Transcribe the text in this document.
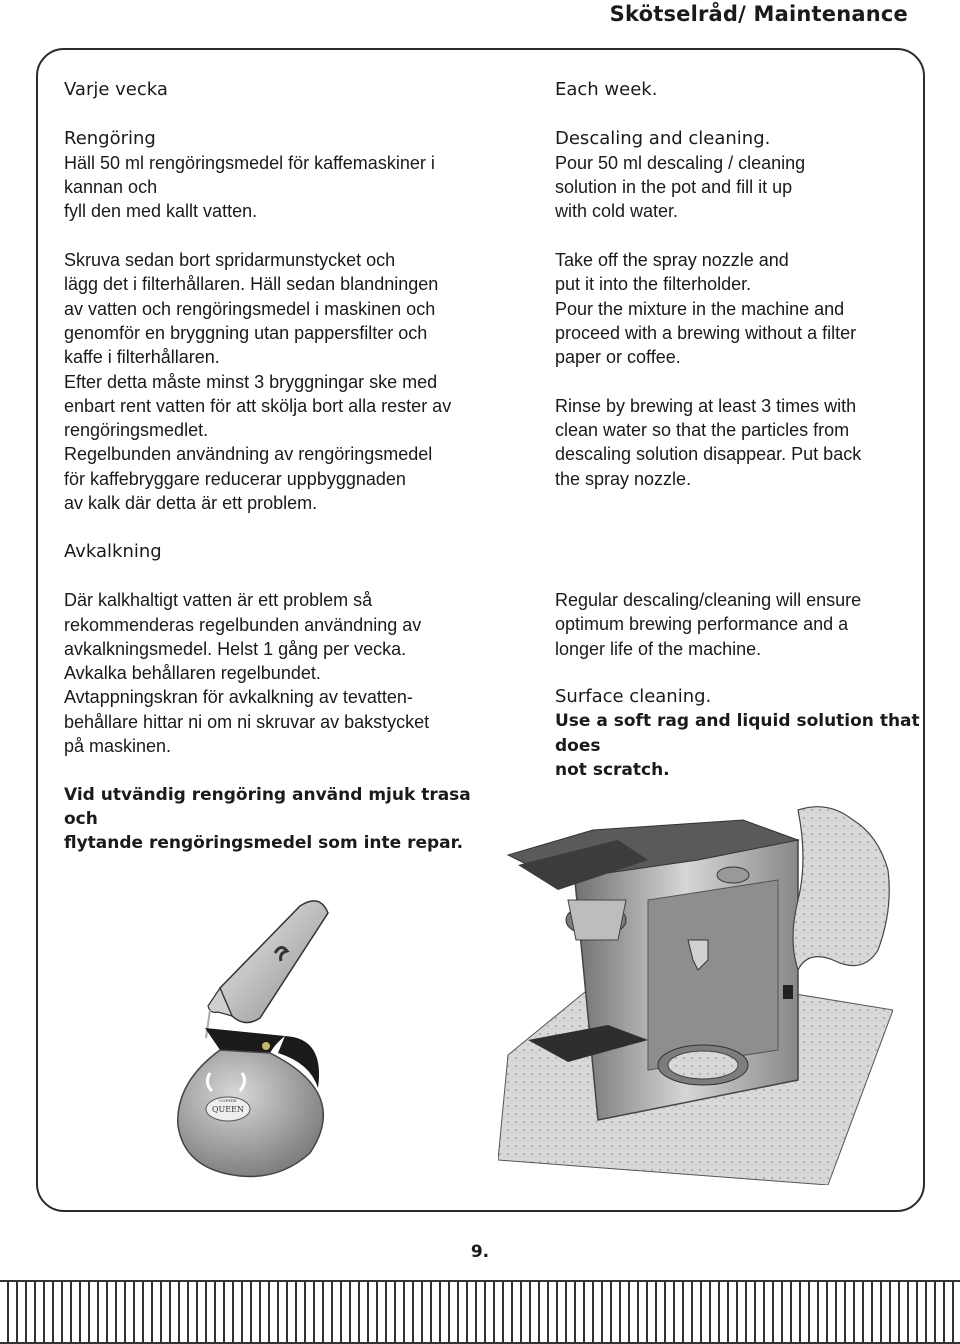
Skötselråd/ Maintenance

Varje vecka

Rengöring

Häll 50 ml rengöringsmedel för kaffemaskiner i

kannan och

fyll den med kallt vatten.

Skruva sedan bort spridarmunstycket och

lägg det i filterhållaren. Häll sedan blandningen

av vatten och rengöringsmedel i maskinen och

genomför en bryggning utan pappersfilter och

kaffe i filterhållaren.

Efter detta måste minst 3 bryggningar ske med

enbart rent vatten för att skölja bort alla rester av

rengöringsmedlet.

Regelbunden användning av rengöringsmedel

för kaffebryggare reducerar uppbyggnaden

av kalk där detta är ett problem.

Avkalkning

Där kalkhaltigt vatten är ett problem så

rekommenderas regelbunden användning av

avkalkningsmedel. Helst 1 gång per vecka.

Avkalka behållaren regelbundet.

Avtappningskran för avkalkning av tevatten-

behållare hittar ni om ni skruvar av bakstycket

på maskinen.

Vid utvändig rengöring använd mjuk trasa

och

flytande rengöringsmedel som inte repar.

Each week.

Descaling and cleaning.

Pour 50 ml descaling / cleaning

solution in the pot and fill it up

with cold water.

Take off the spray nozzle and

put it into the filterholder.

Pour the mixture in the machine and

proceed with a brewing without a filter

paper or coffee.

Rinse by brewing at least 3 times with

clean water so that the particles from

descaling solution disappear. Put back

the spray nozzle.

Regular descaling/cleaning will ensure

optimum brewing performance and a

longer life of the machine.

Surface cleaning.

Use a soft rag and liquid solution that

does

not scratch.

COFFEE
QUEEN
9.
